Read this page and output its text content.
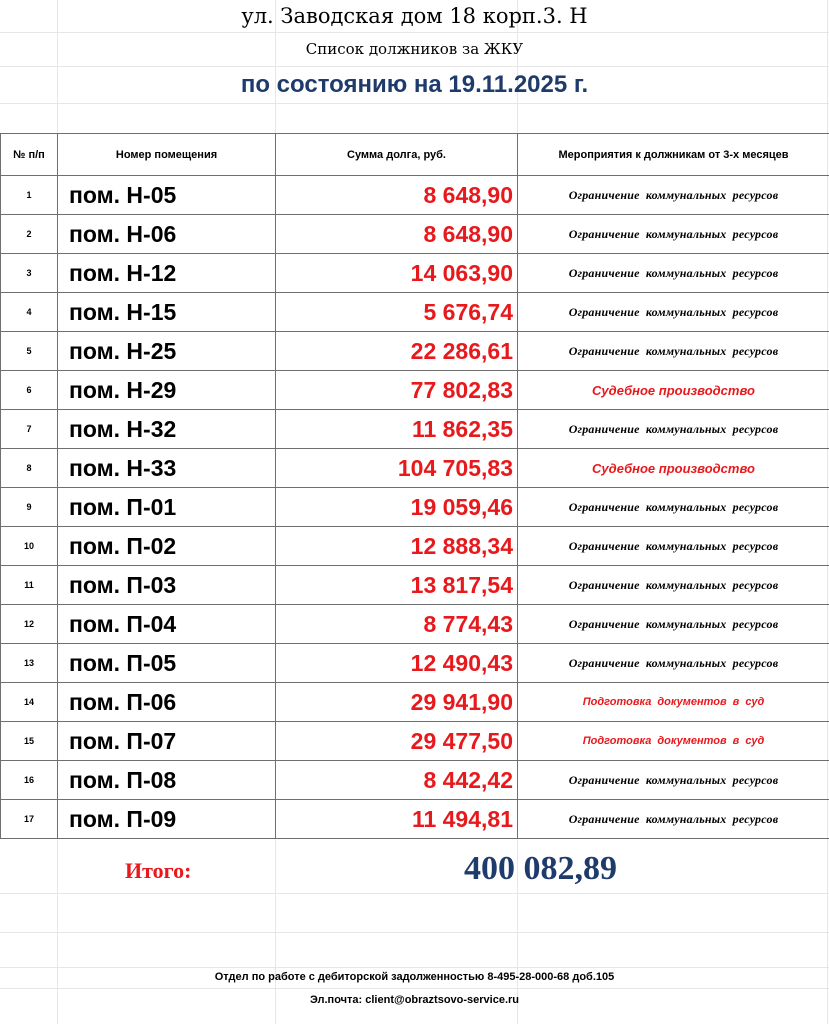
ул. Заводская дом 18 корп.3. Н
Список должников за ЖКУ
по состоянию на 19.11.2025 г.
№ п/п	Номер помещения	Сумма долга, руб.	Мероприятия к должникам от 3-х месяцев
1	пом. Н-05	8 648,90	Ограничение коммунальных ресурсов
2	пом. Н-06	8 648,90	Ограничение коммунальных ресурсов
3	пом. Н-12	14 063,90	Ограничение коммунальных ресурсов
4	пом. Н-15	5 676,74	Ограничение коммунальных ресурсов
5	пом. Н-25	22 286,61	Ограничение коммунальных ресурсов
6	пом. Н-29	77 802,83	Судебное производство
7	пом. Н-32	11 862,35	Ограничение коммунальных ресурсов
8	пом. Н-33	104 705,83	Судебное производство
9	пом. П-01	19 059,46	Ограничение коммунальных ресурсов
10	пом. П-02	12 888,34	Ограничение коммунальных ресурсов
11	пом. П-03	13 817,54	Ограничение коммунальных ресурсов
12	пом. П-04	8 774,43	Ограничение коммунальных ресурсов
13	пом. П-05	12 490,43	Ограничение коммунальных ресурсов
14	пом. П-06	29 941,90	Подготовка документов в суд
15	пом. П-07	29 477,50	Подготовка документов в суд
16	пом. П-08	8 442,42	Ограничение коммунальных ресурсов
17	пом. П-09	11 494,81	Ограничение коммунальных ресурсов
Итого:	400 082,89
Отдел по работе с дебиторской задолженностью 8-495-28-000-68 доб.105
Эл.почта: client@obraztsovo-service.ru
